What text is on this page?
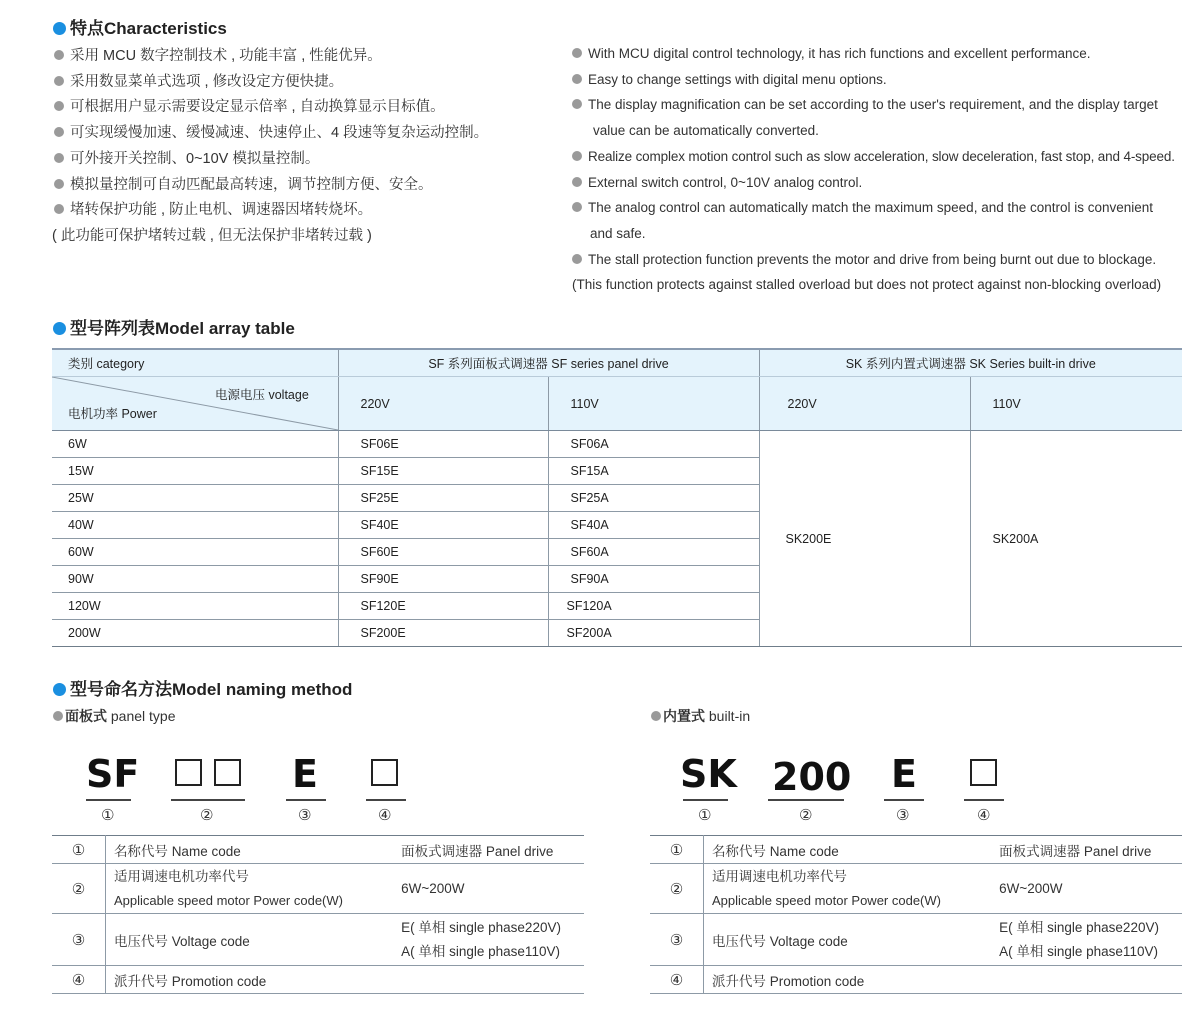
特点Characteristics
采用 MCU 数字控制技术 , 功能丰富 , 性能优异。
采用数显菜单式选项 , 修改设定方便快捷。
可根据用户显示需要设定显示倍率 , 自动换算显示目标值。
可实现缓慢加速、缓慢减速、快速停止、4 段速等复杂运动控制。
可外接开关控制、0~10V 模拟量控制。
模拟量控制可自动匹配最高转速，调节控制方便、安全。
堵转保护功能 , 防止电机、调速器因堵转烧坏。
( 此功能可保护堵转过载 , 但无法保护非堵转过载 )
With MCU digital control technology, it has rich functions and excellent performance.
Easy to change settings with digital menu options.
The display magnification can be set according to the user's requirement, and the display target
value can be automatically converted.
Realize complex motion control such as slow acceleration, slow deceleration, fast stop, and 4-speed.
External switch control, 0~10V analog control.
The analog control can automatically match the maximum speed, and the control is convenient
and safe.
The stall protection function prevents the motor and drive from being burnt out due to blockage.
(This function protects against stalled overload but does not protect against non-blocking overload)
型号阵列表Model array table
类别 category	SF 系列面板式调速器 SF series panel drive		SK 系列内置式调速器 SK Series built-in drive	

电源电压 voltage
电机功率 Power	220V	110V	220V	110V
6W	SF06E	SF06A	SK200E	SK200A
15W	SF15E	SF15A		
25W	SF25E	SF25A		
40W	SF40E	SF40A		
60W	SF60E	SF60A		
90W	SF90E	SF90A		
120W	SF120E	SF120A		
200W	SF200E	SF200A		
型号命名方法Model naming method
面板式 panel type
SF	E
①	②	③	④
①	名称代号 Name code	面板式调速器 Panel drive
②	适用调速电机功率代号
Applicable speed motor Power code(W)	6W~200W
③	电压代号 Voltage code	E( 单相 single phase220V)
A( 单相 single phase110V)

④	派升代号 Promotion code	
内置式 built-in
SK 200 E
①	②	③	④
①	名称代号 Name code	面板式调速器 Panel drive
②	适用调速电机功率代号
Applicable speed motor Power code(W)	6W~200W
③	电压代号 Voltage code	E( 单相 single phase220V)
A( 单相 single phase110V)

④	派升代号 Promotion code	
